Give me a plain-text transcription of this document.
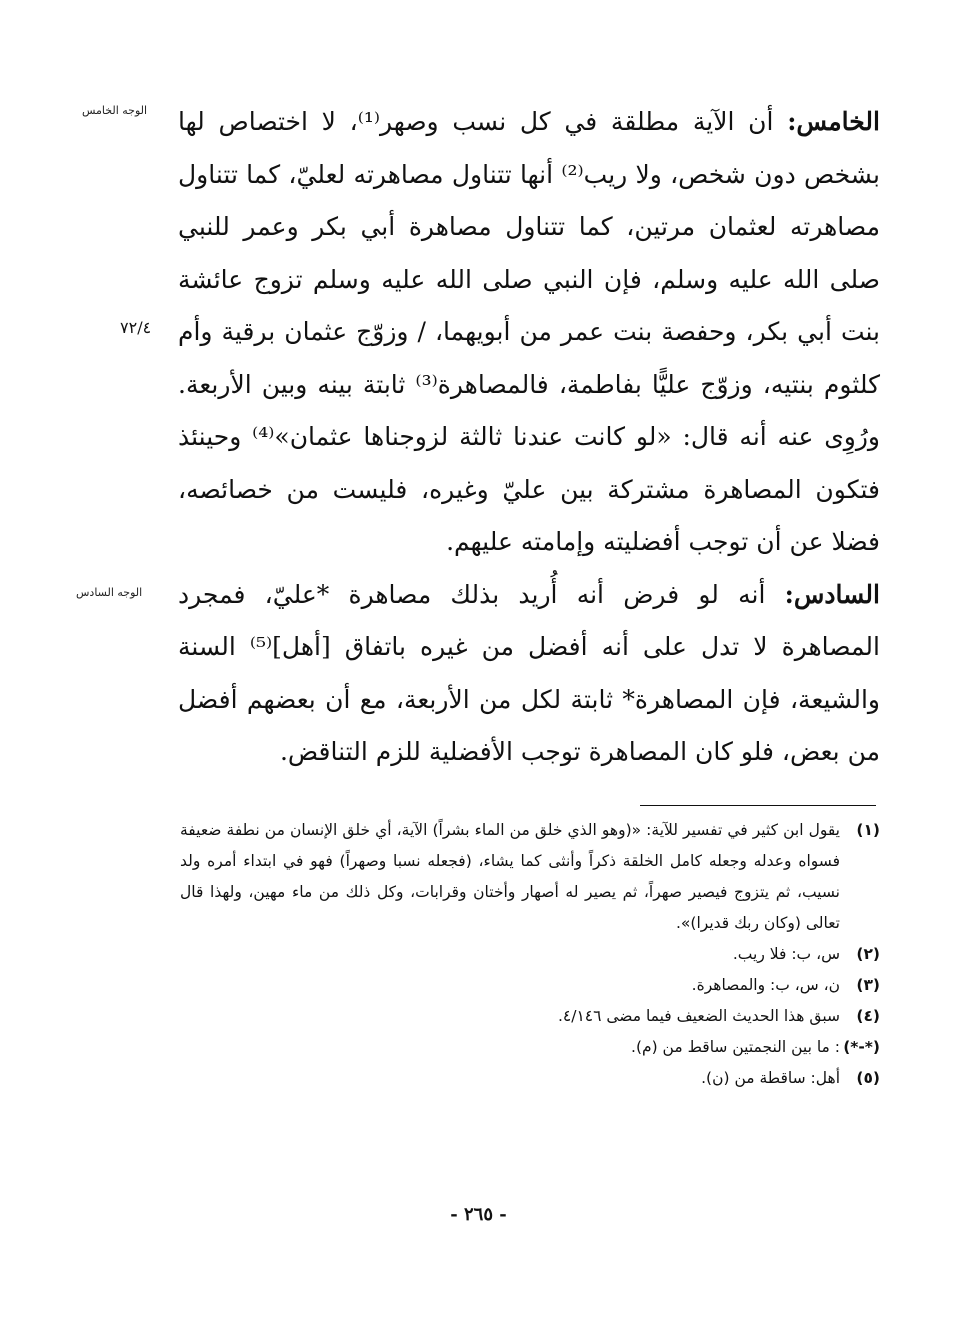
الوجه الخامس
٧٢/٤
الوجه السادس

الخامس: أن الآية مطلقة في كل نسب وصهر⁽¹⁾، لا اختصاص لها بشخص دون شخص، ولا ريب⁽²⁾ أنها تتناول مصاهرته لعليّ، كما تتناول مصاهرته لعثمان مرتين، كما تتناول مصاهرة أبي بكر وعمر للنبي صلى الله عليه وسلم، فإن النبي صلى الله عليه وسلم تزوج عائشة بنت أبي بكر، وحفصة بنت عمر من أبويهما، / وزوّج عثمان برقية وأم كلثوم بنتيه، وزوّج عليًّا بفاطمة، فالمصاهرة⁽³⁾ ثابتة بينه وبين الأربعة. ورُوِى عنه أنه قال: «لو كانت عندنا ثالثة لزوجناها عثمان»⁽⁴⁾ وحينئذ فتكون المصاهرة مشتركة بين عليّ وغيره، فليست من خصائصه، فضلا عن أن توجب أفضليته وإمامته عليهم.

السادس: أنه لو فرض أنه أُريد بذلك مصاهرة *عليّ، فمجرد المصاهرة لا تدل على أنه أفضل من غيره باتفاق [أهل]⁽⁵⁾ السنة والشيعة، فإن المصاهرة* ثابتة لكل من الأربعة، مع أن بعضهم أفضل من بعض، فلو كان المصاهرة توجب الأفضلية للزم التناقض.

(١)
يقول ابن كثير في تفسير للآية: «(وهو الذي خلق من الماء بشراً) الآية، أي خلق الإنسان من نطفة ضعيفة فسواه وعدله وجعله كامل الخلقة ذكراً وأنثى كما يشاء، (فجعله نسبا وصهراً) فهو في ابتداء أمره ولد نسيب، ثم يتزوج فيصير صهراً، ثم يصير له أصهار وأختان وقرابات، وكل ذلك من ماء مهين، ولهذا قال تعالى (وكان ربك قديرا)».
(٢)
س، ب: فلا ريب.
(٣)
ن، س، ب: والمصاهرة.
(٤)
سبق هذا الحديث الضعيف فيما مضى ٤/١٤٦.
(*-*)
: ما بين النجمتين ساقط من (م).
(٥)
أهل: ساقطة من (ن).
- ٢٦٥ -
